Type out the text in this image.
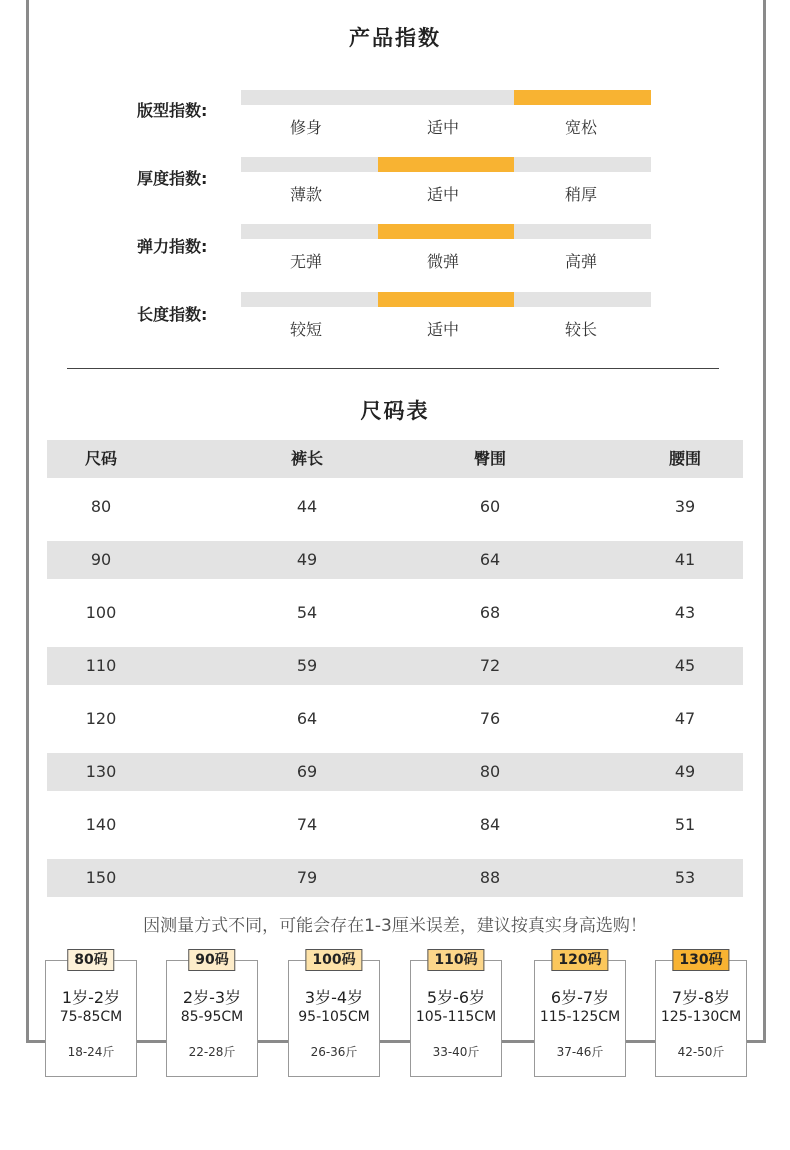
产品指数
版型指数:
修身	适中	宽松
厚度指数:
薄款	适中	稍厚
弹力指数:
无弹	微弹	高弹
长度指数:
较短	适中	较长
尺码表
尺码	裤长	臀围	腰围
80	44	60	39
90	49	64	41
100	54	68	43
110	59	72	45
120	64	76	47
130	69	80	49
140	74	84	51
150	79	88	53
因测量方式不同，可能会存在1-3厘米误差，建议按真实身高选购！
80码
1岁-2岁
75-85CM
18-24斤
90码
2岁-3岁
85-95CM
22-28斤
100码
3岁-4岁
95-105CM
26-36斤
110码
5岁-6岁
105-115CM
33-40斤
120码
6岁-7岁
115-125CM
37-46斤
130码
7岁-8岁
125-130CM
42-50斤
